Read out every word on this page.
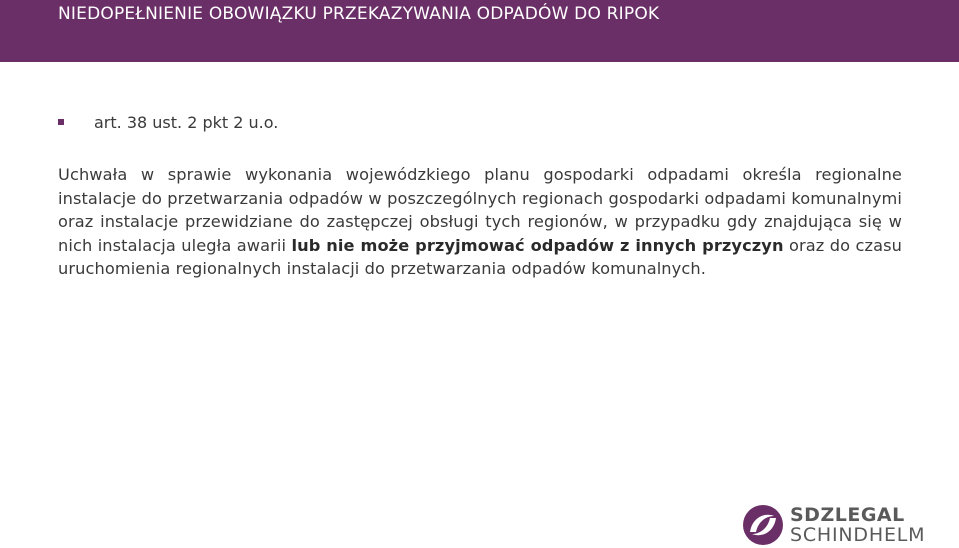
NIEDOPEŁNIENIE OBOWIĄZKU PRZEKAZYWANIA ODPADÓW DO RIPOK
art. 38 ust. 2 pkt 2 u.o.

Uchwała w sprawie wykonania wojewódzkiego planu gospodarki odpadami określa regionalne instalacje do przetwarzania odpadów w poszczególnych regionach gospodarki odpadami komunalnymi oraz instalacje przewidziane do zastępczej obsługi tych regionów, w przypadku gdy znajdująca się w nich instalacja uległa awarii lub nie może przyjmować odpadów z innych przyczyn oraz do czasu uruchomienia regionalnych instalacji do przetwarzania odpadów komunalnych.

SDZLEGAL
SCHINDHELM
